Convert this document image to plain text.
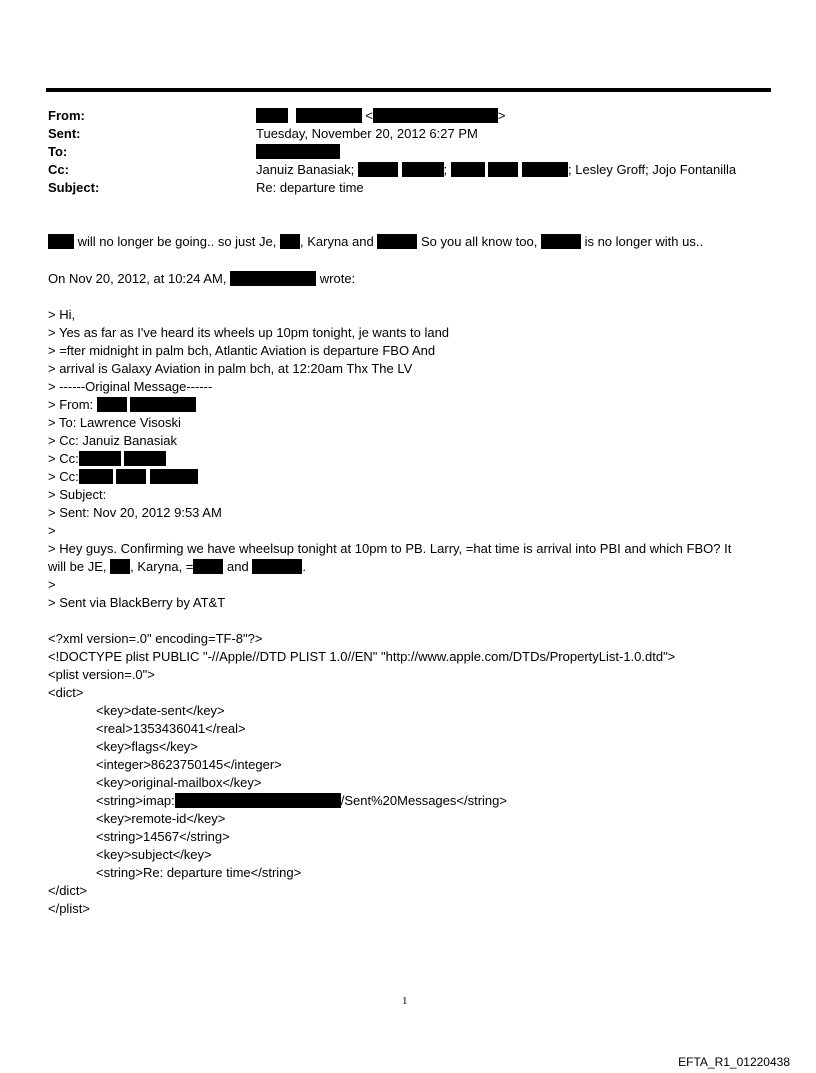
From:	<	>
Sent:	Tuesday, November 20, 2012 6:27 PM
To:
Cc:	Januiz Banasiak;	;	; Lesley Groff; Jojo Fontanilla
Subject:	Re: departure time
will no longer be going.. so just Je, , Karyna and	So you all know too,	is no longer with us..
On Nov 20, 2012, at 10:24 AM,	wrote:
> Hi,
> Yes as far as I've heard its wheels up 10pm tonight, je wants to land
> =fter midnight in palm bch, Atlantic Aviation is departure FBO And
> arrival is Galaxy Aviation in palm bch, at 12:20am Thx The LV
> ------Original Message------
> From:
> To: Lawrence Visoski
> Cc: Januiz Banasiak
> Cc:
> Cc:
> Subject:
> Sent: Nov 20, 2012 9:53 AM
>
> Hey guys. Confirming we have wheelsup tonight at 10pm to PB. Larry, =hat time is arrival into PBI and which FBO? It
will be JE, , Karyna, =	and	.
>
> Sent via BlackBerry by AT&T
<?xml version=.0" encoding=TF-8"?>
<!DOCTYPE plist PUBLIC "-//Apple//DTD PLIST 1.0//EN" "http://www.apple.com/DTDs/PropertyList-1.0.dtd">
<plist version=.0">
<dict>
<key>date-sent</key>
<real>1353436041</real>
<key>flags</key>
<integer>8623750145</integer>
<key>original-mailbox</key>
<string>imap:	/Sent%20Messages</string>
<key>remote-id</key>
<string>14567</string>
<key>subject</key>
<string>Re: departure time</string>
</dict>
</plist>
1
EFTA_R1_01220438
